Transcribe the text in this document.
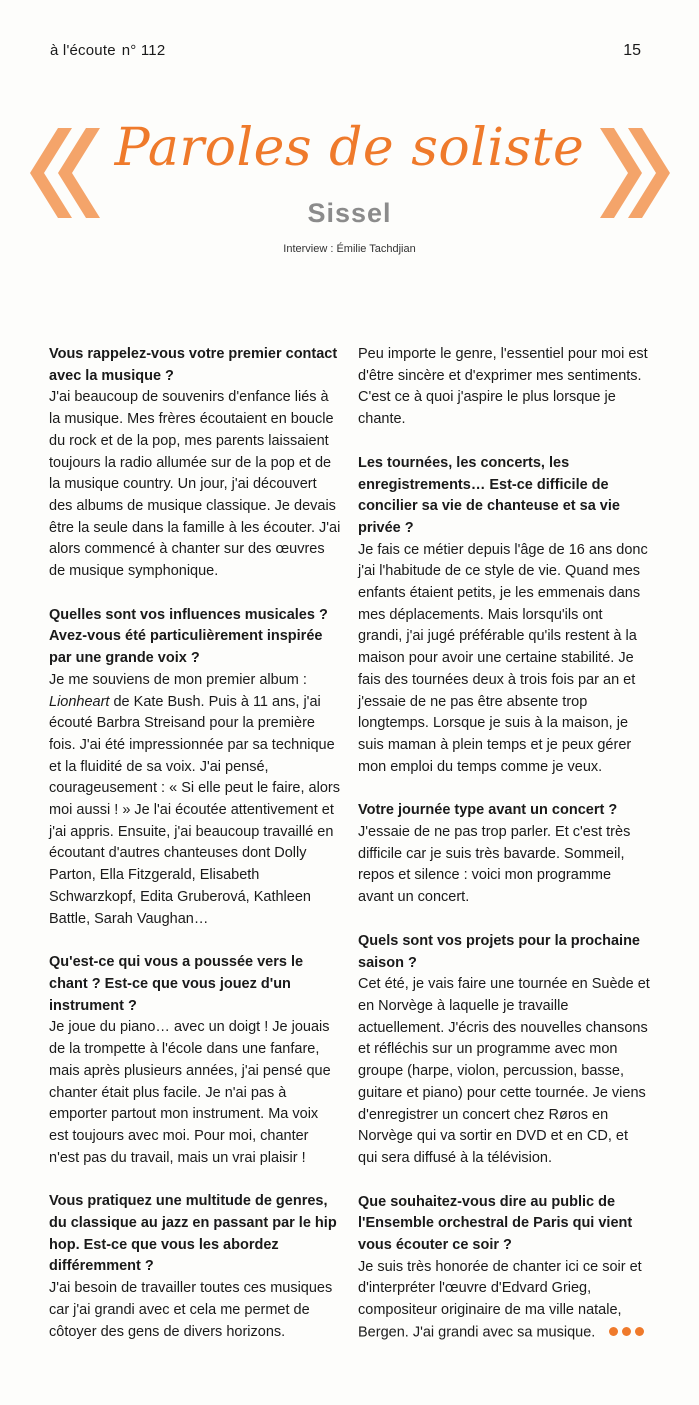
à l'écoute n° 112	15
Paroles de soliste
Sissel
Interview : Émilie Tachdjian

Vous rappelez-vous votre premier contact avec la musique ?

J'ai beaucoup de souvenirs d'enfance liés à la musique. Mes frères écoutaient en boucle du rock et de la pop, mes parents laissaient toujours la radio allumée sur de la pop et de la musique country. Un jour, j'ai découvert des albums de musique classique. Je devais être la seule dans la famille à les écouter. J'ai alors commencé à chanter sur des œuvres de musique symphonique.

Quelles sont vos influences musicales ? Avez-vous été particulièrement inspirée par une grande voix ?

Je me souviens de mon premier album : Lionheart de Kate Bush. Puis à 11 ans, j'ai écouté Barbra Streisand pour la première fois. J'ai été impressionnée par sa technique et la fluidité de sa voix. J'ai pensé, courageusement : « Si elle peut le faire, alors moi aussi ! » Je l'ai écoutée attentivement et j'ai appris. Ensuite, j'ai beaucoup travaillé en écoutant d'autres chanteuses dont Dolly Parton, Ella Fitzgerald, Elisabeth Schwarzkopf, Edita Gruberová, Kathleen Battle, Sarah Vaughan…

Qu'est-ce qui vous a poussée vers le chant ? Est-ce que vous jouez d'un instrument ?

Je joue du piano… avec un doigt ! Je jouais de la trompette à l'école dans une fanfare, mais après plusieurs années, j'ai pensé que chanter était plus facile. Je n'ai pas à emporter partout mon instrument. Ma voix est toujours avec moi. Pour moi, chanter n'est pas du travail, mais un vrai plaisir !

Vous pratiquez une multitude de genres, du classique au jazz en passant par le hip hop. Est-ce que vous les abordez différemment ?

J'ai besoin de travailler toutes ces musiques car j'ai grandi avec et cela me permet de côtoyer des gens de divers horizons.

Peu importe le genre, l'essentiel pour moi est d'être sincère et d'exprimer mes sentiments. C'est ce à quoi j'aspire le plus lorsque je chante.

Les tournées, les concerts, les enregistrements… Est-ce difficile de concilier sa vie de chanteuse et sa vie privée ?

Je fais ce métier depuis l'âge de 16 ans donc j'ai l'habitude de ce style de vie. Quand mes enfants étaient petits, je les emmenais dans mes déplacements. Mais lorsqu'ils ont grandi, j'ai jugé préférable qu'ils restent à la maison pour avoir une certaine stabilité. Je fais des tournées deux à trois fois par an et j'essaie de ne pas être absente trop longtemps. Lorsque je suis à la maison, je suis maman à plein temps et je peux gérer mon emploi du temps comme je veux.

Votre journée type avant un concert ?

J'essaie de ne pas trop parler. Et c'est très difficile car je suis très bavarde. Sommeil, repos et silence : voici mon programme avant un concert.

Quels sont vos projets pour la prochaine saison ?

Cet été, je vais faire une tournée en Suède et en Norvège à laquelle je travaille actuellement. J'écris des nouvelles chansons et réfléchis sur un programme avec mon groupe (harpe, violon, percussion, basse, guitare et piano) pour cette tournée. Je viens d'enregistrer un concert chez Røros en Norvège qui va sortir en DVD et en CD, et qui sera diffusé à la télévision.

Que souhaitez-vous dire au public de l'Ensemble orchestral de Paris qui vient vous écouter ce soir ?

Je suis très honorée de chanter ici ce soir et d'interpréter l'œuvre d'Edvard Grieg, compositeur originaire de ma ville natale, Bergen. J'ai grandi avec sa musique.
